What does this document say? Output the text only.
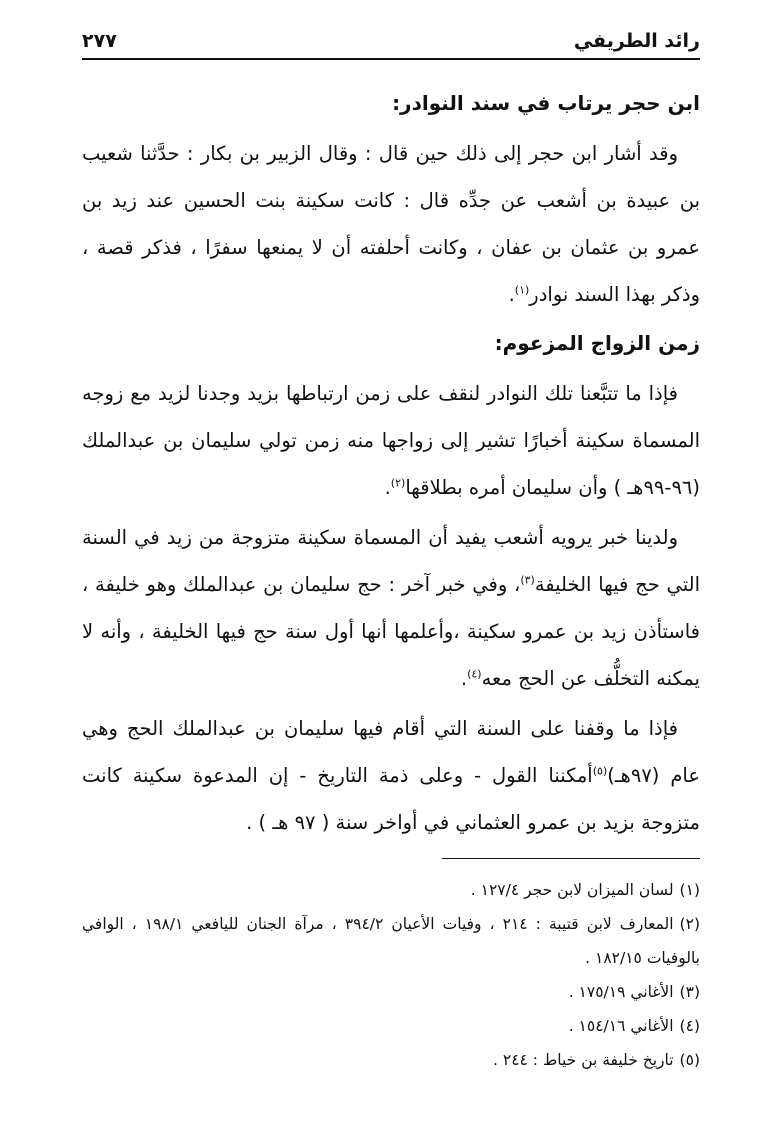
رائد الطريفي
٢٧٧
ابن حجر يرتاب في سند النوادر:

وقد أشار ابن حجر إلى ذلك حين قال : وقال الزبير بن بكار : حدَّثنا شعيب بن عبيدة بن أشعب عن جدِّه قال : كانت سكينة بنت الحسين عند زيد بن عمرو بن عثمان بن عفان ، وكانت أحلفته أن لا يمنعها سفرًا ، فذكر قصة ، وذكر بهذا السند نوادر$^{(١)}$.

زمن الزواج المزعوم:

فإذا ما تتبَّعنا تلك النوادر لنقف على زمن ارتباطها بزيد وجدنا لزيد مع زوجه المسماة سكينة أخبارًا تشير إلى زواجها منه زمن تولي سليمان بن عبدالملك (٩٦-٩٩هـ ) وأن سليمان أمره بطلاقها$^{(٢)}$.

ولدينا خبر يرويه أشعب يفيد أن المسماة سكينة متزوجة من زيد في السنة التي حج فيها الخليفة$^{(٣)}$، وفي خبر آخر : حج سليمان بن عبدالملك وهو خليفة ، فاستأذن زيد بن عمرو سكينة ،وأعلمها أنها أول سنة حج فيها الخليفة ، وأنه لا يمكنه التخلُّف عن الحج معه$^{(٤)}$.

فإذا ما وقفنا على السنة التي أقام فيها سليمان بن عبدالملك الحج وهي عام (٩٧هـ)$^{(٥)}$أمكننا القول - وعلى ذمة التاريخ - إن المدعوة سكينة كانت متزوجة بزيد بن عمرو العثماني في أواخر سنة ( ٩٧ هـ ) .

(١)لسان الميزان لابن حجر ١٢٧/٤ .

(٢)المعارف لابن قتيبة : ٢١٤ ، وفيات الأعيان ٣٩٤/٢ ، مرآة الجنان لليافعي ١٩٨/١ ، الوافي بالوفيات ١٨٢/١٥ .

(٣)الأغاني ١٧٥/١٩ .

(٤)الأغاني ١٥٤/١٦ .

(٥)تاريخ خليفة بن خياط : ٢٤٤ .
